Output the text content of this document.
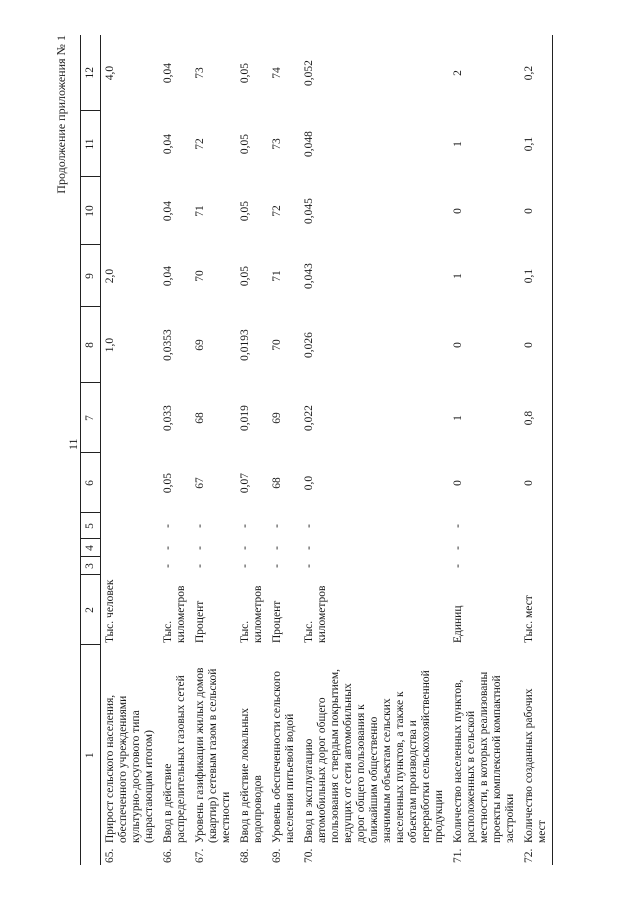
11
Продолжение приложения № 1
1	2	3	4	5	6	7	8	9	10	11	12
65.Прирост сельского населения, обеспеченного учреждениями культурно-досугового типа (нарастающим итогом)	Тыс. человек						1,0	2,0			4,0
66.Ввод в действие распределительных газовых сетей	Тыс. километров	-	-	-	0,05	0,033	0,0353	0,04	0,04	0,04	0,04
67.Уровень газификации жилых домов (квартир) сетевым газом в сельской местности	Процент	-	-	-	67	68	69	70	71	72	73
68.Ввод в действие локальных водопроводов	Тыс. километров	-	-	-	0,07	0,019	0,0193	0,05	0,05	0,05	0,05
69.Уровень обеспеченности сельского населения питьевой водой	Процент	-	-	-	68	69	70	71	72	73	74
70.Ввод в эксплуатацию автомобильных дорог общего пользования с твердым покрытием, ведущих от сети автомобильных дорог общего пользования к ближайшим общественно значимым объектам сельских населенных пунктов, а также к объектам производства и переработки сельскохозяйственной продукции	Тыс. километров	-	-	-	0,0	0,022	0,026	0,043	0,045	0,048	0,052
71.Количество населенных пунктов, расположенных в сельской местности, в которых реализованы проекты комплексной компактной застройки	Единиц	-	-	-	0	1	0	1	0	1	2
72.Количество созданных рабочих мест	Тыс. мест				0	0,8	0	0,1	0	0,1	0,2
